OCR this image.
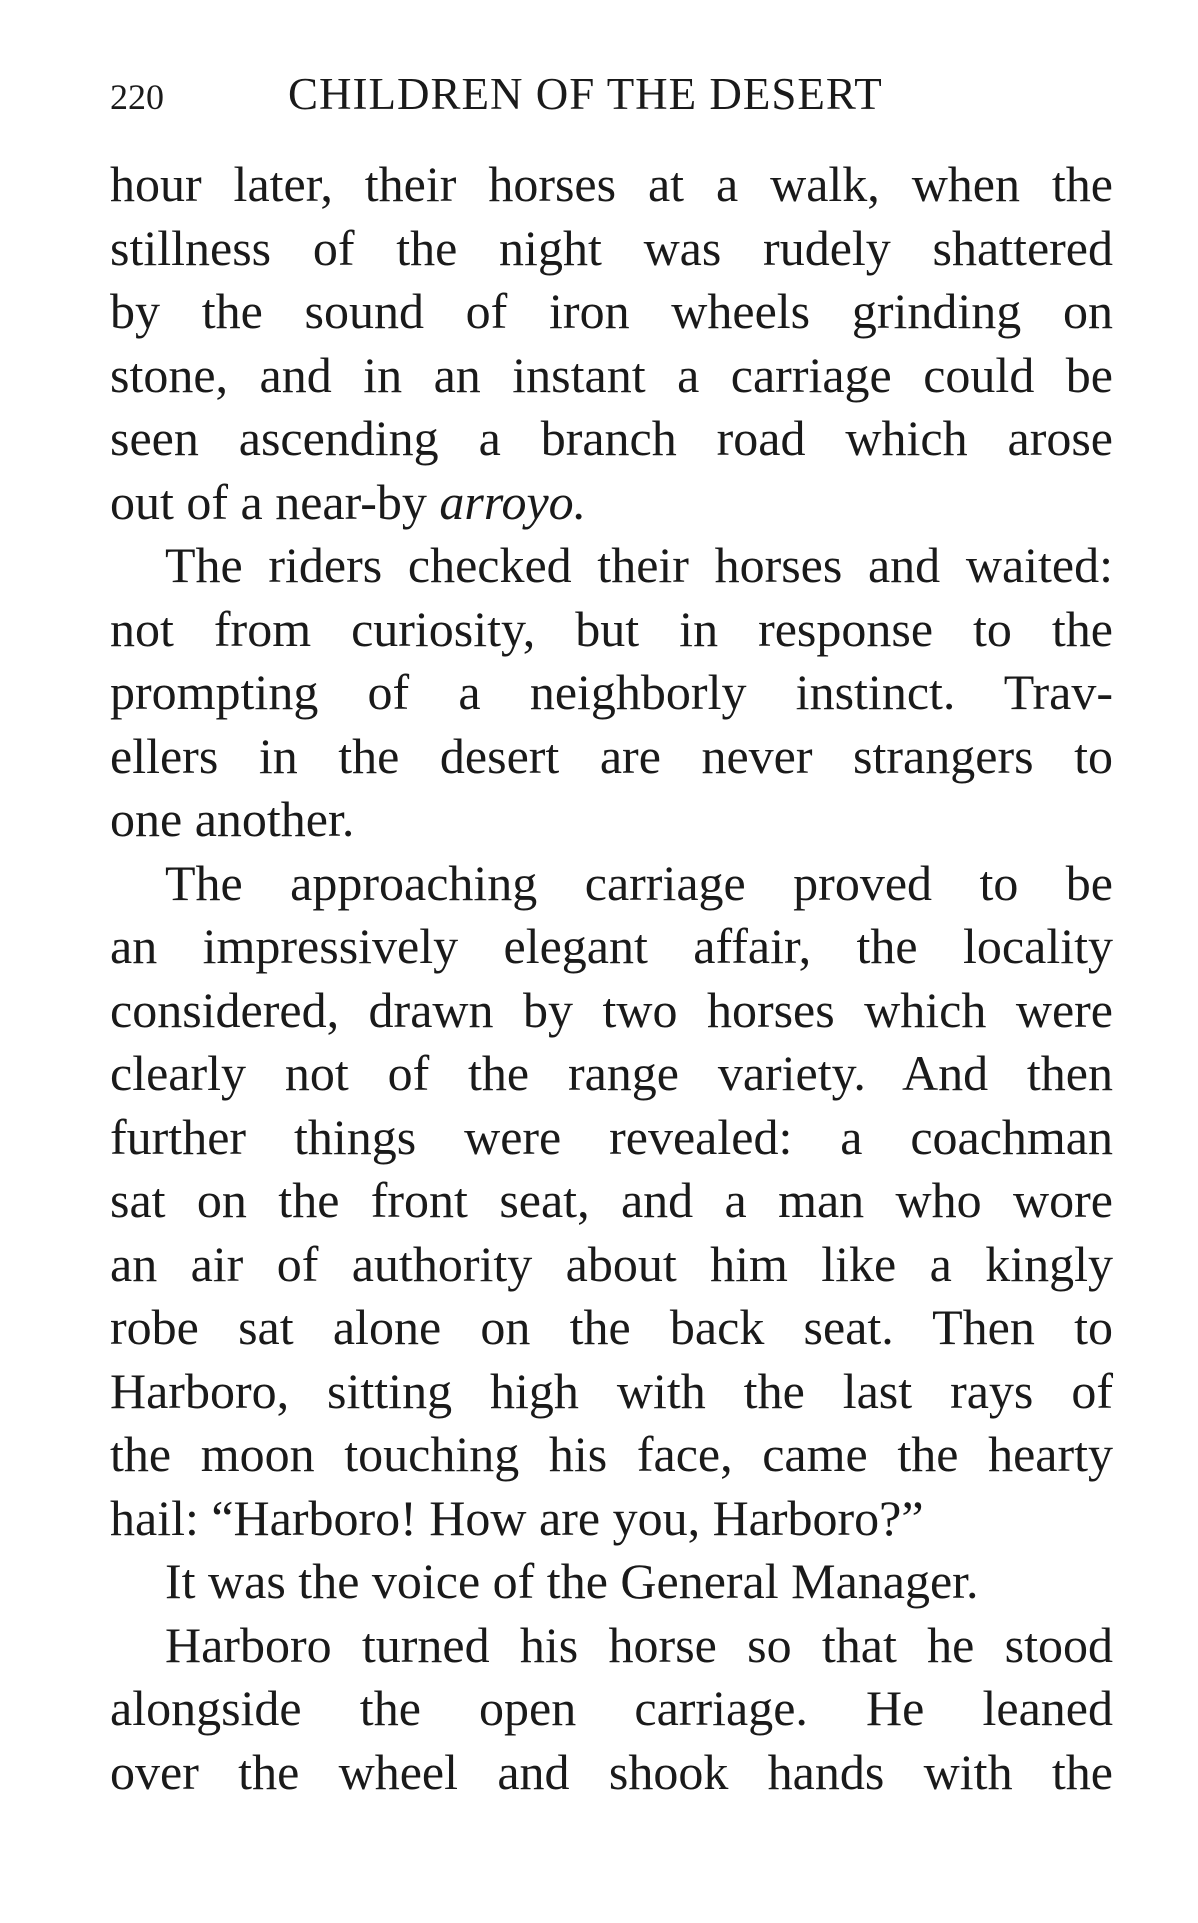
220	CHILDREN OF THE DESERT
hour later, their horses at a walk, when the
stillness of the night was rudely shattered
by the sound of iron wheels grinding on
stone, and in an instant a carriage could be
seen ascending a branch road which arose
out of a near-by arroyo.
The riders checked their horses and waited:
not from curiosity, but in response to the
prompting of a neighborly instinct. Trav-
ellers in the desert are never strangers to
one another.
The approaching carriage proved to be
an impressively elegant affair, the locality
considered, drawn by two horses which were
clearly not of the range variety. And then
further things were revealed: a coachman
sat on the front seat, and a man who wore
an air of authority about him like a kingly
robe sat alone on the back seat. Then to
Harboro, sitting high with the last rays of
the moon touching his face, came the hearty
hail: “Harboro! How are you, Harboro?”
It was the voice of the General Manager.
Harboro turned his horse so that he stood
alongside the open carriage. He leaned
over the wheel and shook hands with the
